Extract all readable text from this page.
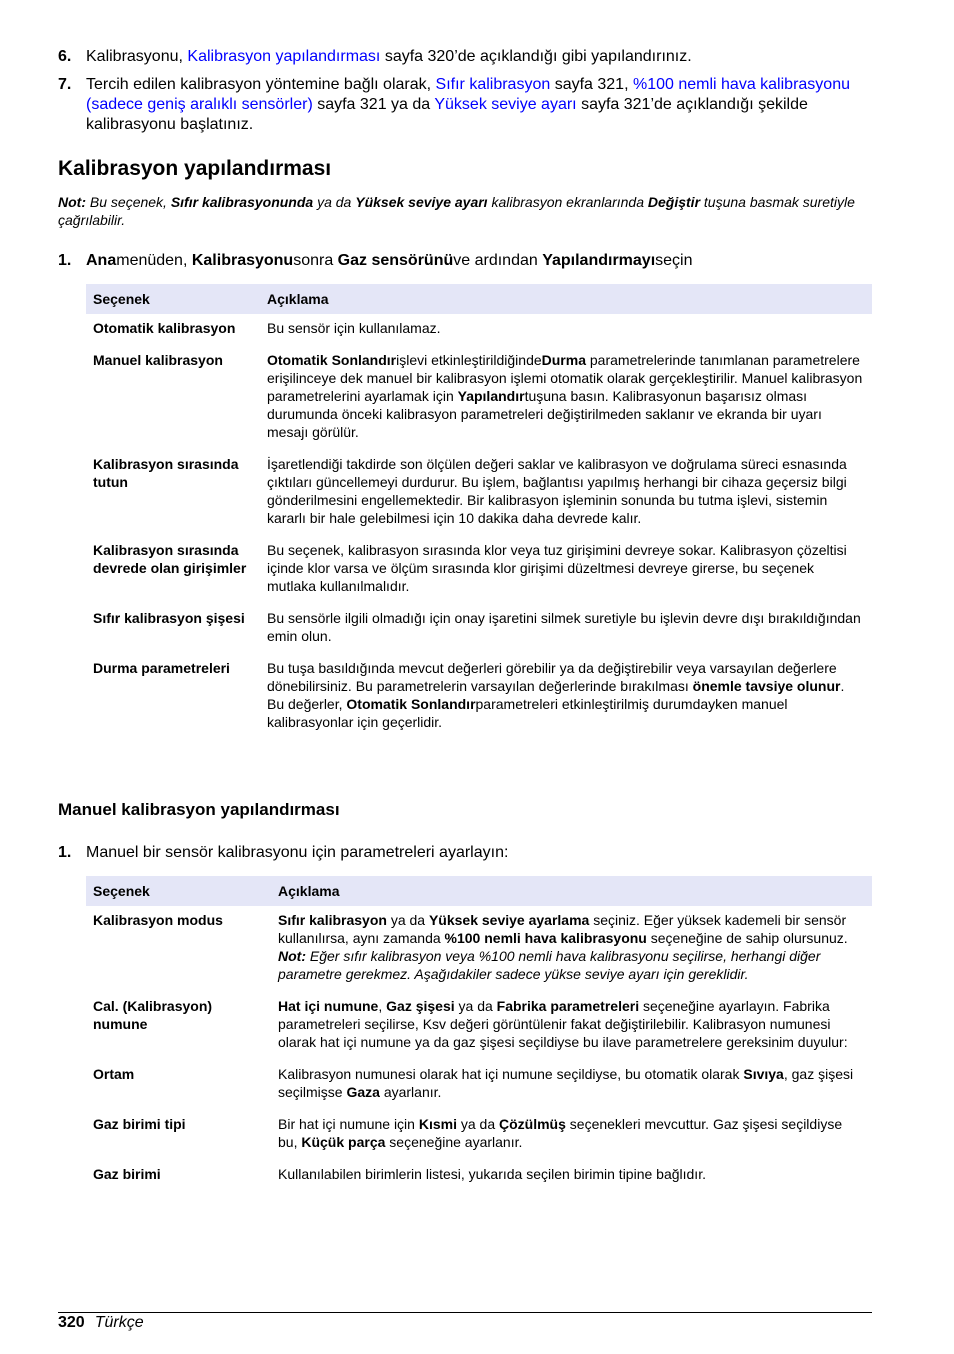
6. Kalibrasyonu, Kalibrasyon yapılandırması sayfa 320’de açıklandığı gibi yapılandırınız.
7. Tercih edilen kalibrasyon yöntemine bağlı olarak, Sıfır kalibrasyon sayfa 321, %100 nemli hava kalibrasyonu (sadece geniş aralıklı sensörler) sayfa 321 ya da Yüksek seviye ayarı sayfa 321’de açıklandığı şekilde kalibrasyonu başlatınız.
Kalibrasyon yapılandırması
Not: Bu seçenek, Sıfır kalibrasyonunda ya da Yüksek seviye ayarı kalibrasyon ekranlarında Değiştir tuşuna basmak suretiyle çağrılabilir.
1. Anamenüden, Kalibrasyonusonra Gaz sensörünüve ardından Yapılandırmayıseçin
Seçenek	Açıklama
Otomatik kalibrasyon	Bu sensör için kullanılamaz.
Manuel kalibrasyon	Otomatik Sonlandırişlevi etkinleştirildiğindeDurma parametrelerinde tanımlanan parametrelere erişilinceye dek manuel bir kalibrasyon işlemi otomatik olarak gerçekleştirilir. Manuel kalibrasyon parametrelerini ayarlamak için Yapılandırtuşuna basın. Kalibrasyonun başarısız olması durumunda önceki kalibrasyon parametreleri değiştirilmeden saklanır ve ekranda bir uyarı mesajı görülür.
Kalibrasyon sırasında tutun	İşaretlendiği takdirde son ölçülen değeri saklar ve kalibrasyon ve doğrulama süreci esnasında çıktıları güncellemeyi durdurur. Bu işlem, bağlantısı yapılmış herhangi bir cihaza geçersiz bilgi gönderilmesini engellemektedir. Bir kalibrasyon işleminin sonunda bu tutma işlevi, sistemin kararlı bir hale gelebilmesi için 10 dakika daha devrede kalır.
Kalibrasyon sırasında devrede olan girişimler	Bu seçenek, kalibrasyon sırasında klor veya tuz girişimini devreye sokar. Kalibrasyon çözeltisi içinde klor varsa ve ölçüm sırasında klor girişimi düzeltmesi devreye girerse, bu seçenek mutlaka kullanılmalıdır.
Sıfır kalibrasyon şişesi	Bu sensörle ilgili olmadığı için onay işaretini silmek suretiyle bu işlevin devre dışı bırakıldığından emin olun.
Durma parametreleri	Bu tuşa basıldığında mevcut değerleri görebilir ya da değiştirebilir veya varsayılan değerlere dönebilirsiniz. Bu parametrelerin varsayılan değerlerinde bırakılması önemle tavsiye olunur. Bu değerler, Otomatik Sonlandırparametreleri etkinleştirilmiş durumdayken manuel kalibrasyonlar için geçerlidir.
Manuel kalibrasyon yapılandırması
1. Manuel bir sensör kalibrasyonu için parametreleri ayarlayın:
Seçenek	Açıklama
Kalibrasyon modus	Sıfır kalibrasyon ya da Yüksek seviye ayarlama seçiniz. Eğer yüksek kademeli bir sensör kullanılırsa, aynı zamanda %100 nemli hava kalibrasyonu seçeneğine de sahip olursunuz.
Not: Eğer sıfır kalibrasyon veya %100 nemli hava kalibrasyonu seçilirse, herhangi diğer parametre gerekmez. Aşağıdakiler sadece yükse seviye ayarı için gereklidir.
Cal. (Kalibrasyon) numune	Hat içi numune, Gaz şişesi ya da Fabrika parametreleri seçeneğine ayarlayın. Fabrika parametreleri seçilirse, Ksv değeri görüntülenir fakat değiştirilebilir. Kalibrasyon numunesi olarak hat içi numune ya da gaz şişesi seçildiyse bu ilave parametrelere gereksinim duyulur:
Ortam	Kalibrasyon numunesi olarak hat içi numune seçildiyse, bu otomatik olarak Sıvıya, gaz şişesi seçilmişse Gaza ayarlanır.
Gaz birimi tipi	Bir hat içi numune için Kısmi ya da Çözülmüş seçenekleri mevcuttur. Gaz şişesi seçildiyse bu, Küçük parça seçeneğine ayarlanır.
Gaz birimi	Kullanılabilen birimlerin listesi, yukarıda seçilen birimin tipine bağlıdır.
320 Türkçe
